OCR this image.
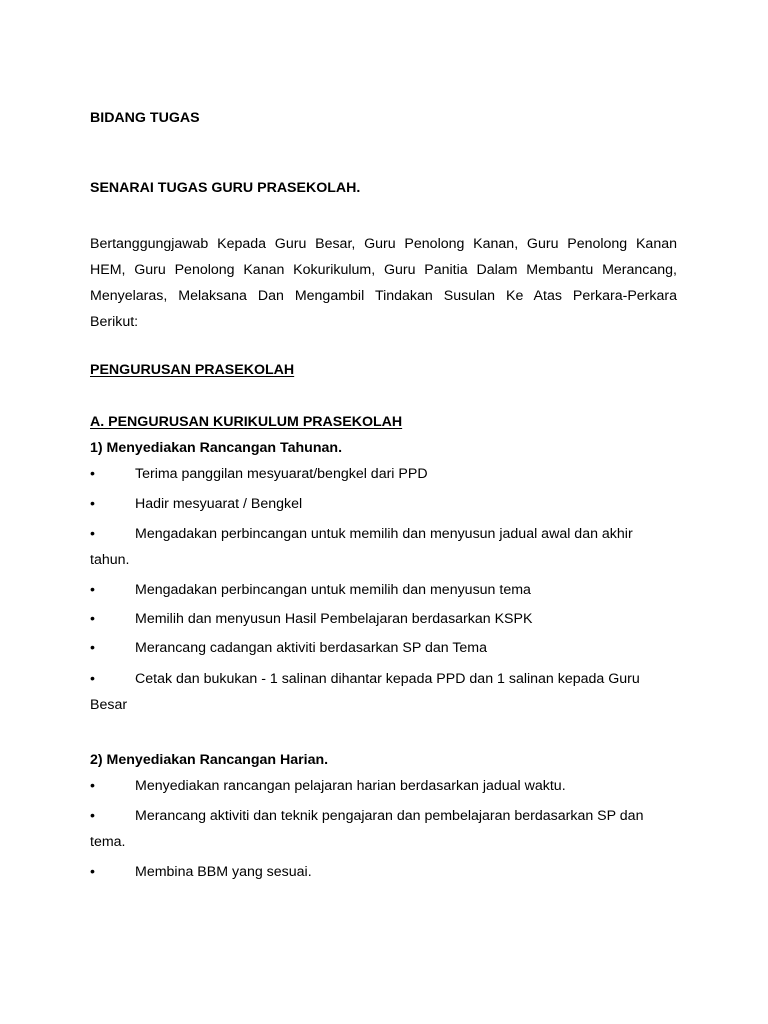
BIDANG TUGAS
SENARAI TUGAS GURU PRASEKOLAH.
Bertanggungjawab Kepada Guru Besar, Guru Penolong Kanan, Guru Penolong Kanan
HEM, Guru Penolong Kanan Kokurikulum, Guru Panitia Dalam Membantu Merancang,
Menyelaras, Melaksana Dan Mengambil Tindakan Susulan Ke Atas Perkara-Perkara
Berikut:
PENGURUSAN PRASEKOLAH
A. PENGURUSAN KURIKULUM PRASEKOLAH
1) Menyediakan Rancangan Tahunan.
•	Terima panggilan mesyuarat/bengkel dari PPD
•	Hadir mesyuarat / Bengkel
•	Mengadakan perbincangan untuk memilih dan menyusun jadual awal dan akhir
tahun.
•	Mengadakan perbincangan untuk memilih dan menyusun tema
•	Memilih dan menyusun Hasil Pembelajaran berdasarkan KSPK
•	Merancang cadangan aktiviti berdasarkan SP dan Tema
•	Cetak dan bukukan - 1 salinan dihantar kepada PPD dan 1 salinan kepada Guru
Besar
2) Menyediakan Rancangan Harian.
•	Menyediakan rancangan pelajaran harian berdasarkan jadual waktu.
•	Merancang aktiviti dan teknik pengajaran dan pembelajaran berdasarkan SP dan
tema.
•	Membina BBM yang sesuai.
